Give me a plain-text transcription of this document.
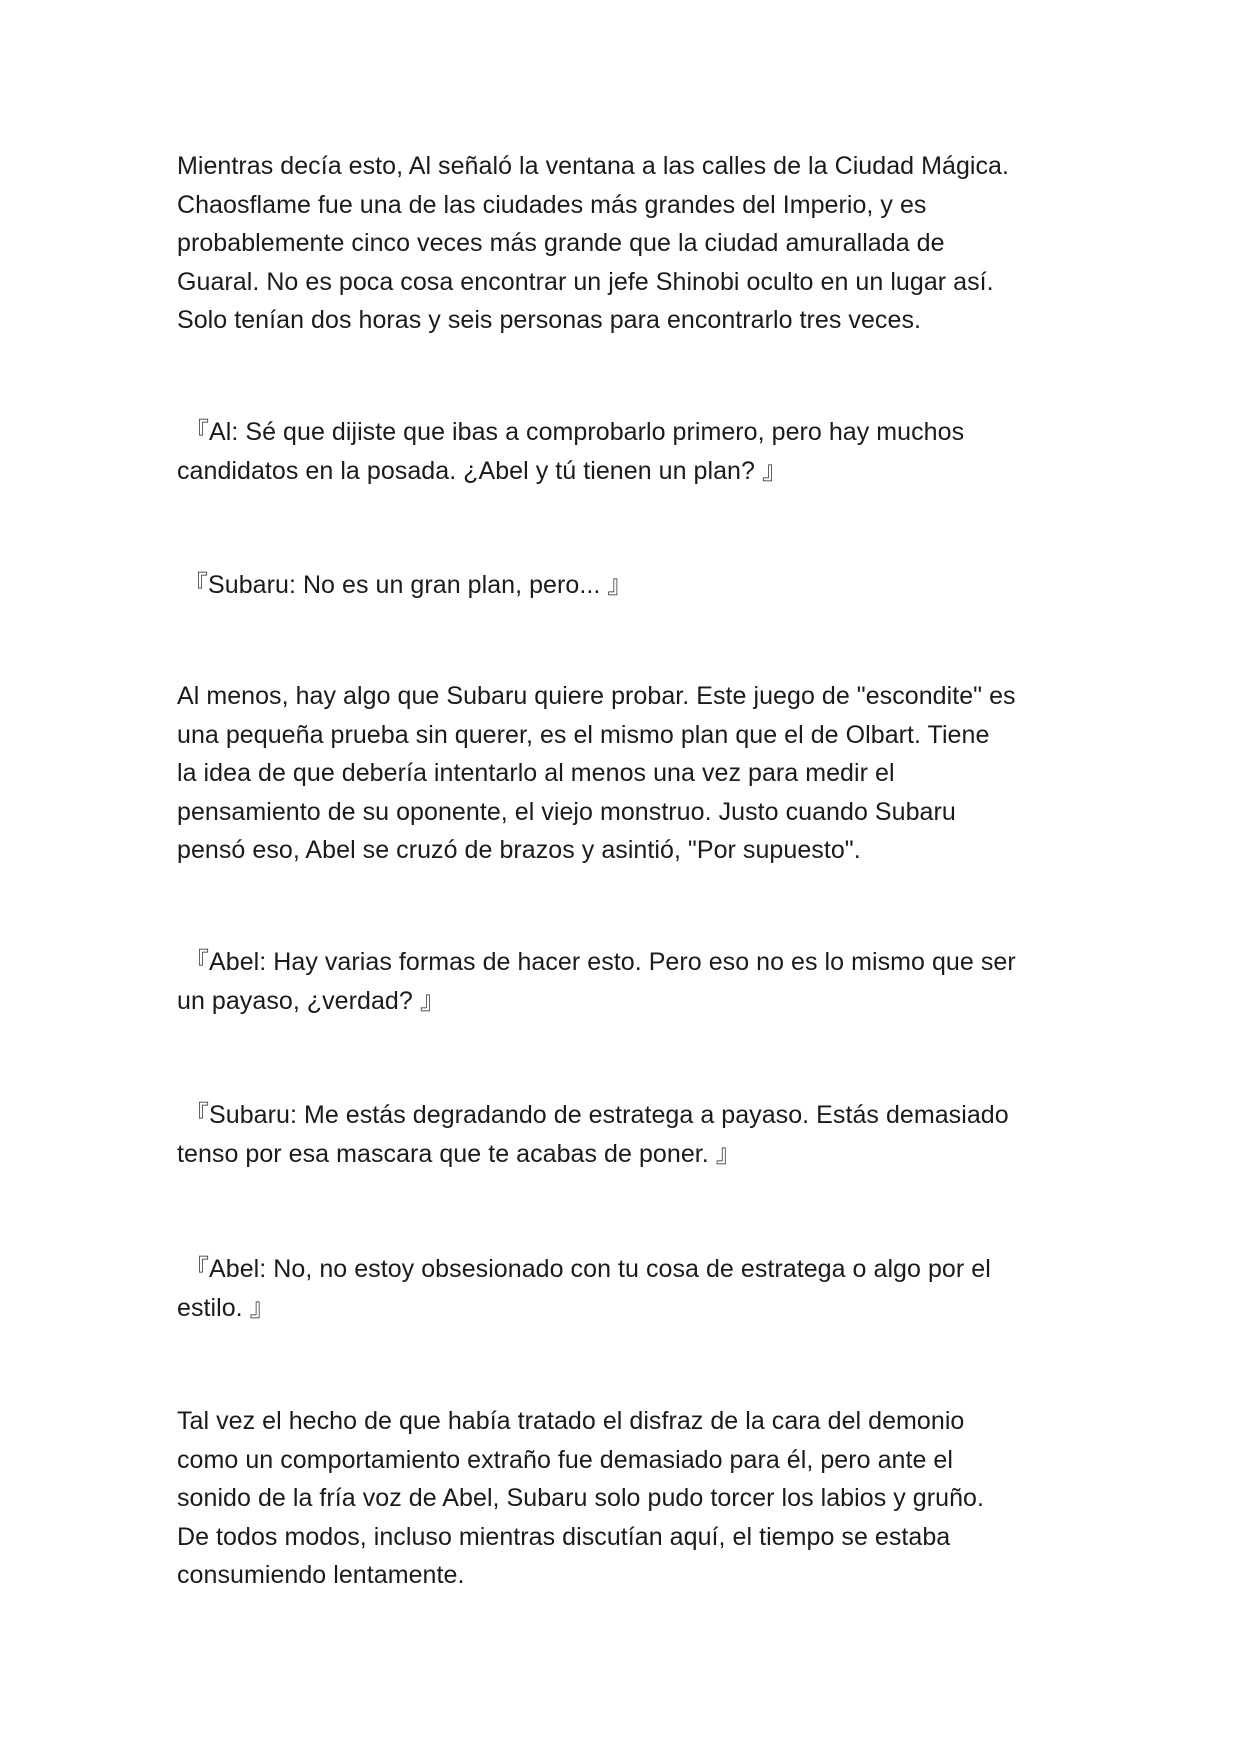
Mientras decía esto, Al señaló la ventana a las calles de la Ciudad Mágica.
Chaosflame fue una de las ciudades más grandes del Imperio, y es
probablemente cinco veces más grande que la ciudad amurallada de
Guaral. No es poca cosa encontrar un jefe Shinobi oculto en un lugar así.
Solo tenían dos horas y seis personas para encontrarlo tres veces.

『Al: Sé que dijiste que ibas a comprobarlo primero, pero hay muchos
candidatos en la posada. ¿Abel y tú tienen un plan? 』

『Subaru: No es un gran plan, pero... 』

Al menos, hay algo que Subaru quiere probar. Este juego de "escondite" es
una pequeña prueba sin querer, es el mismo plan que el de Olbart. Tiene
la idea de que debería intentarlo al menos una vez para medir el
pensamiento de su oponente, el viejo monstruo. Justo cuando Subaru
pensó eso, Abel se cruzó de brazos y asintió, "Por supuesto".

『Abel: Hay varias formas de hacer esto. Pero eso no es lo mismo que ser
un payaso, ¿verdad? 』

『Subaru: Me estás degradando de estratega a payaso. Estás demasiado
tenso por esa mascara que te acabas de poner. 』

『Abel: No, no estoy obsesionado con tu cosa de estratega o algo por el
estilo. 』

Tal vez el hecho de que había tratado el disfraz de la cara del demonio
como un comportamiento extraño fue demasiado para él, pero ante el
sonido de la fría voz de Abel, Subaru solo pudo torcer los labios y gruño.
De todos modos, incluso mientras discutían aquí, el tiempo se estaba
consumiendo lentamente.
